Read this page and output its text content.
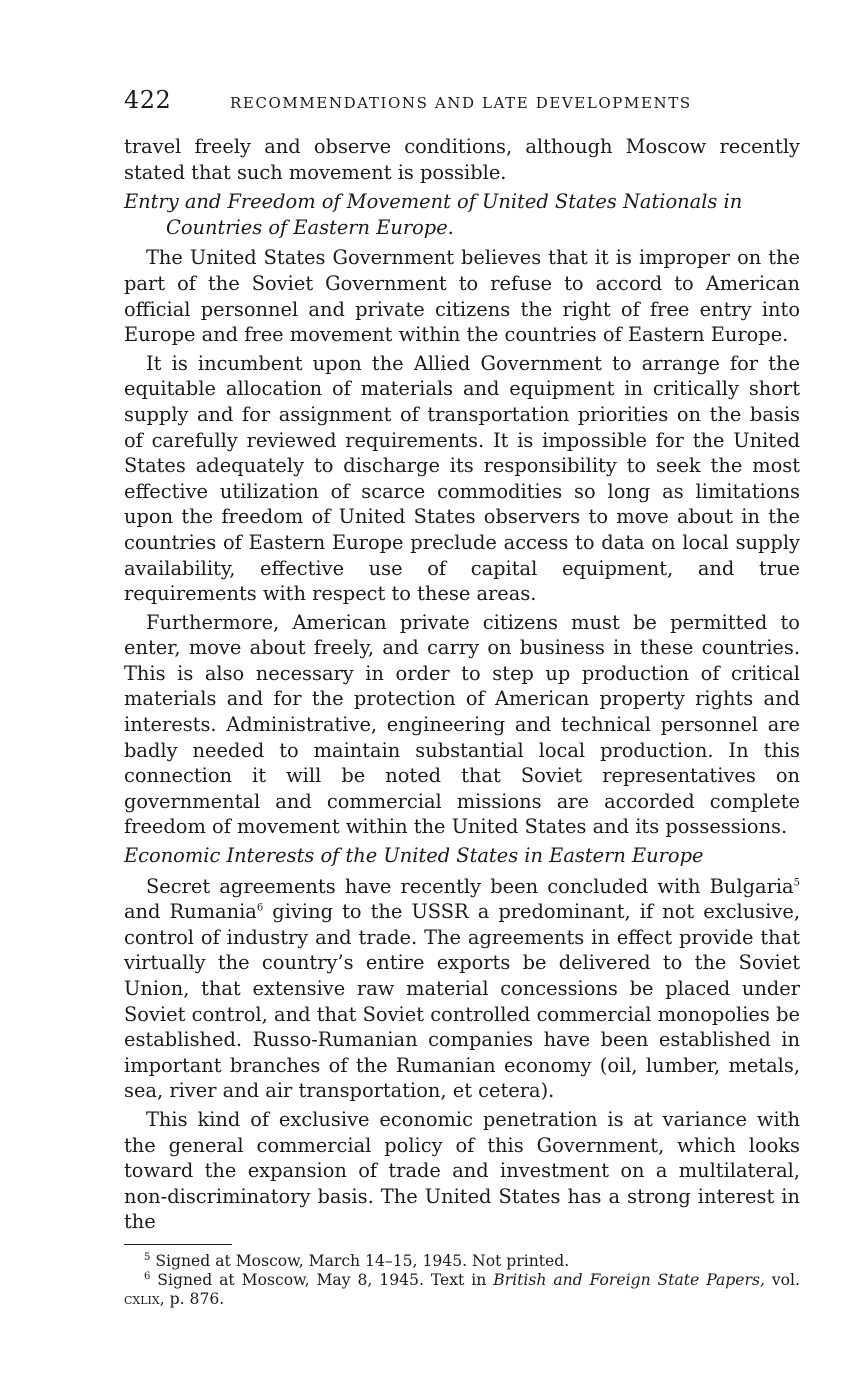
422	RECOMMENDATIONS AND LATE DEVELOPMENTS

travel freely and observe conditions, although Moscow recently stated that such movement is possible.

Entry and Freedom of Movement of United States Nationals in Countries of Eastern Europe.

The United States Government believes that it is improper on the part of the Soviet Government to refuse to accord to American official personnel and private citizens the right of free entry into Europe and free movement within the countries of Eastern Europe.

It is incumbent upon the Allied Government to arrange for the equitable allocation of materials and equipment in critically short supply and for assignment of transportation priorities on the basis of carefully reviewed requirements. It is impossible for the United States adequately to discharge its responsibility to seek the most effective utilization of scarce commodities so long as limitations upon the freedom of United States observers to move about in the countries of Eastern Europe preclude access to data on local supply availability, effective use of capital equipment, and true requirements with respect to these areas.

Furthermore, American private citizens must be permitted to enter, move about freely, and carry on business in these countries. This is also necessary in order to step up production of critical materials and for the protection of American property rights and interests. Administrative, engineering and technical personnel are badly needed to maintain substantial local production. In this connection it will be noted that Soviet representatives on governmental and commercial missions are accorded complete freedom of movement within the United States and its possessions.

Economic Interests of the United States in Eastern Europe

Secret agreements have recently been concluded with Bulgaria$^5$ and Rumania$^6$ giving to the USSR a predominant, if not exclusive, control of industry and trade. The agreements in effect provide that virtually the country’s entire exports be delivered to the Soviet Union, that extensive raw material concessions be placed under Soviet control, and that Soviet controlled commercial monopolies be established. Russo-Rumanian companies have been established in important branches of the Rumanian economy (oil, lumber, metals, sea, river and air transportation, et cetera).

This kind of exclusive economic penetration is at variance with the general commercial policy of this Government, which looks toward the expansion of trade and investment on a multilateral, non-discriminatory basis. The United States has a strong interest in the

$^5$ Signed at Moscow, March 14–15, 1945. Not printed.

$^6$ Signed at Moscow, May 8, 1945. Text in British and Foreign State Papers, vol. cxlix, p. 876.
